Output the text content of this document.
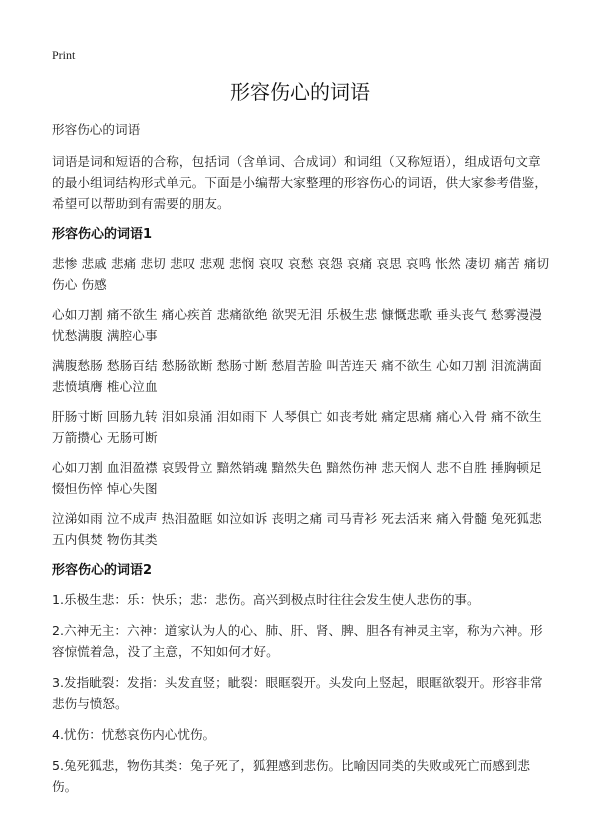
Print
形容伤心的词语
形容伤心的词语

词语是词和短语的合称，包括词（含单词、合成词）和词组（又称短语），组成语句文章的最小组词结构形式单元。下面是小编帮大家整理的形容伤心的词语，供大家参考借鉴，希望可以帮助到有需要的朋友。

形容伤心的词语1

悲惨 悲戚 悲痛 悲切 悲叹 悲观 悲悯 哀叹 哀愁 哀怨 哀痛 哀思 哀鸣 怅然 凄切 痛苦 痛切 伤心 伤感

心如刀割 痛不欲生 痛心疾首 悲痛欲绝 欲哭无泪 乐极生悲 慷慨悲歌 垂头丧气 愁雾漫漫 忧愁满腹 满腔心事

满腹愁肠 愁肠百结 愁肠欲断 愁肠寸断 愁眉苦脸 叫苦连天 痛不欲生 心如刀割 泪流满面悲愤填膺 椎心泣血

肝肠寸断 回肠九转 泪如泉涌 泪如雨下 人琴俱亡 如丧考妣 痛定思痛 痛心入骨 痛不欲生 万箭攒心 无肠可断

心如刀割 血泪盈襟 哀毁骨立 黯然销魂 黯然失色 黯然伤神 悲天悯人 悲不自胜 捶胸顿足 惙怛伤悴 悼心失图

泣涕如雨 泣不成声 热泪盈眶 如泣如诉 丧明之痛 司马青衫 死去活来 痛入骨髓 兔死狐悲 五内俱焚 物伤其类

形容伤心的词语2

1.乐极生悲：乐：快乐；悲：悲伤。高兴到极点时往往会发生使人悲伤的事。

2.六神无主：六神：道家认为人的心、肺、肝、肾、脾、胆各有神灵主宰，称为六神。形容惊慌着急，没了主意，不知如何才好。

3.发指眦裂：发指：头发直竖；眦裂：眼眶裂开。头发向上竖起，眼眶欲裂开。形容非常悲伤与愤怒。

4.忧伤：忧愁哀伤内心忧伤。

5.兔死狐悲，物伤其类：兔子死了，狐狸感到悲伤。比喻因同类的失败或死亡而感到悲伤。
